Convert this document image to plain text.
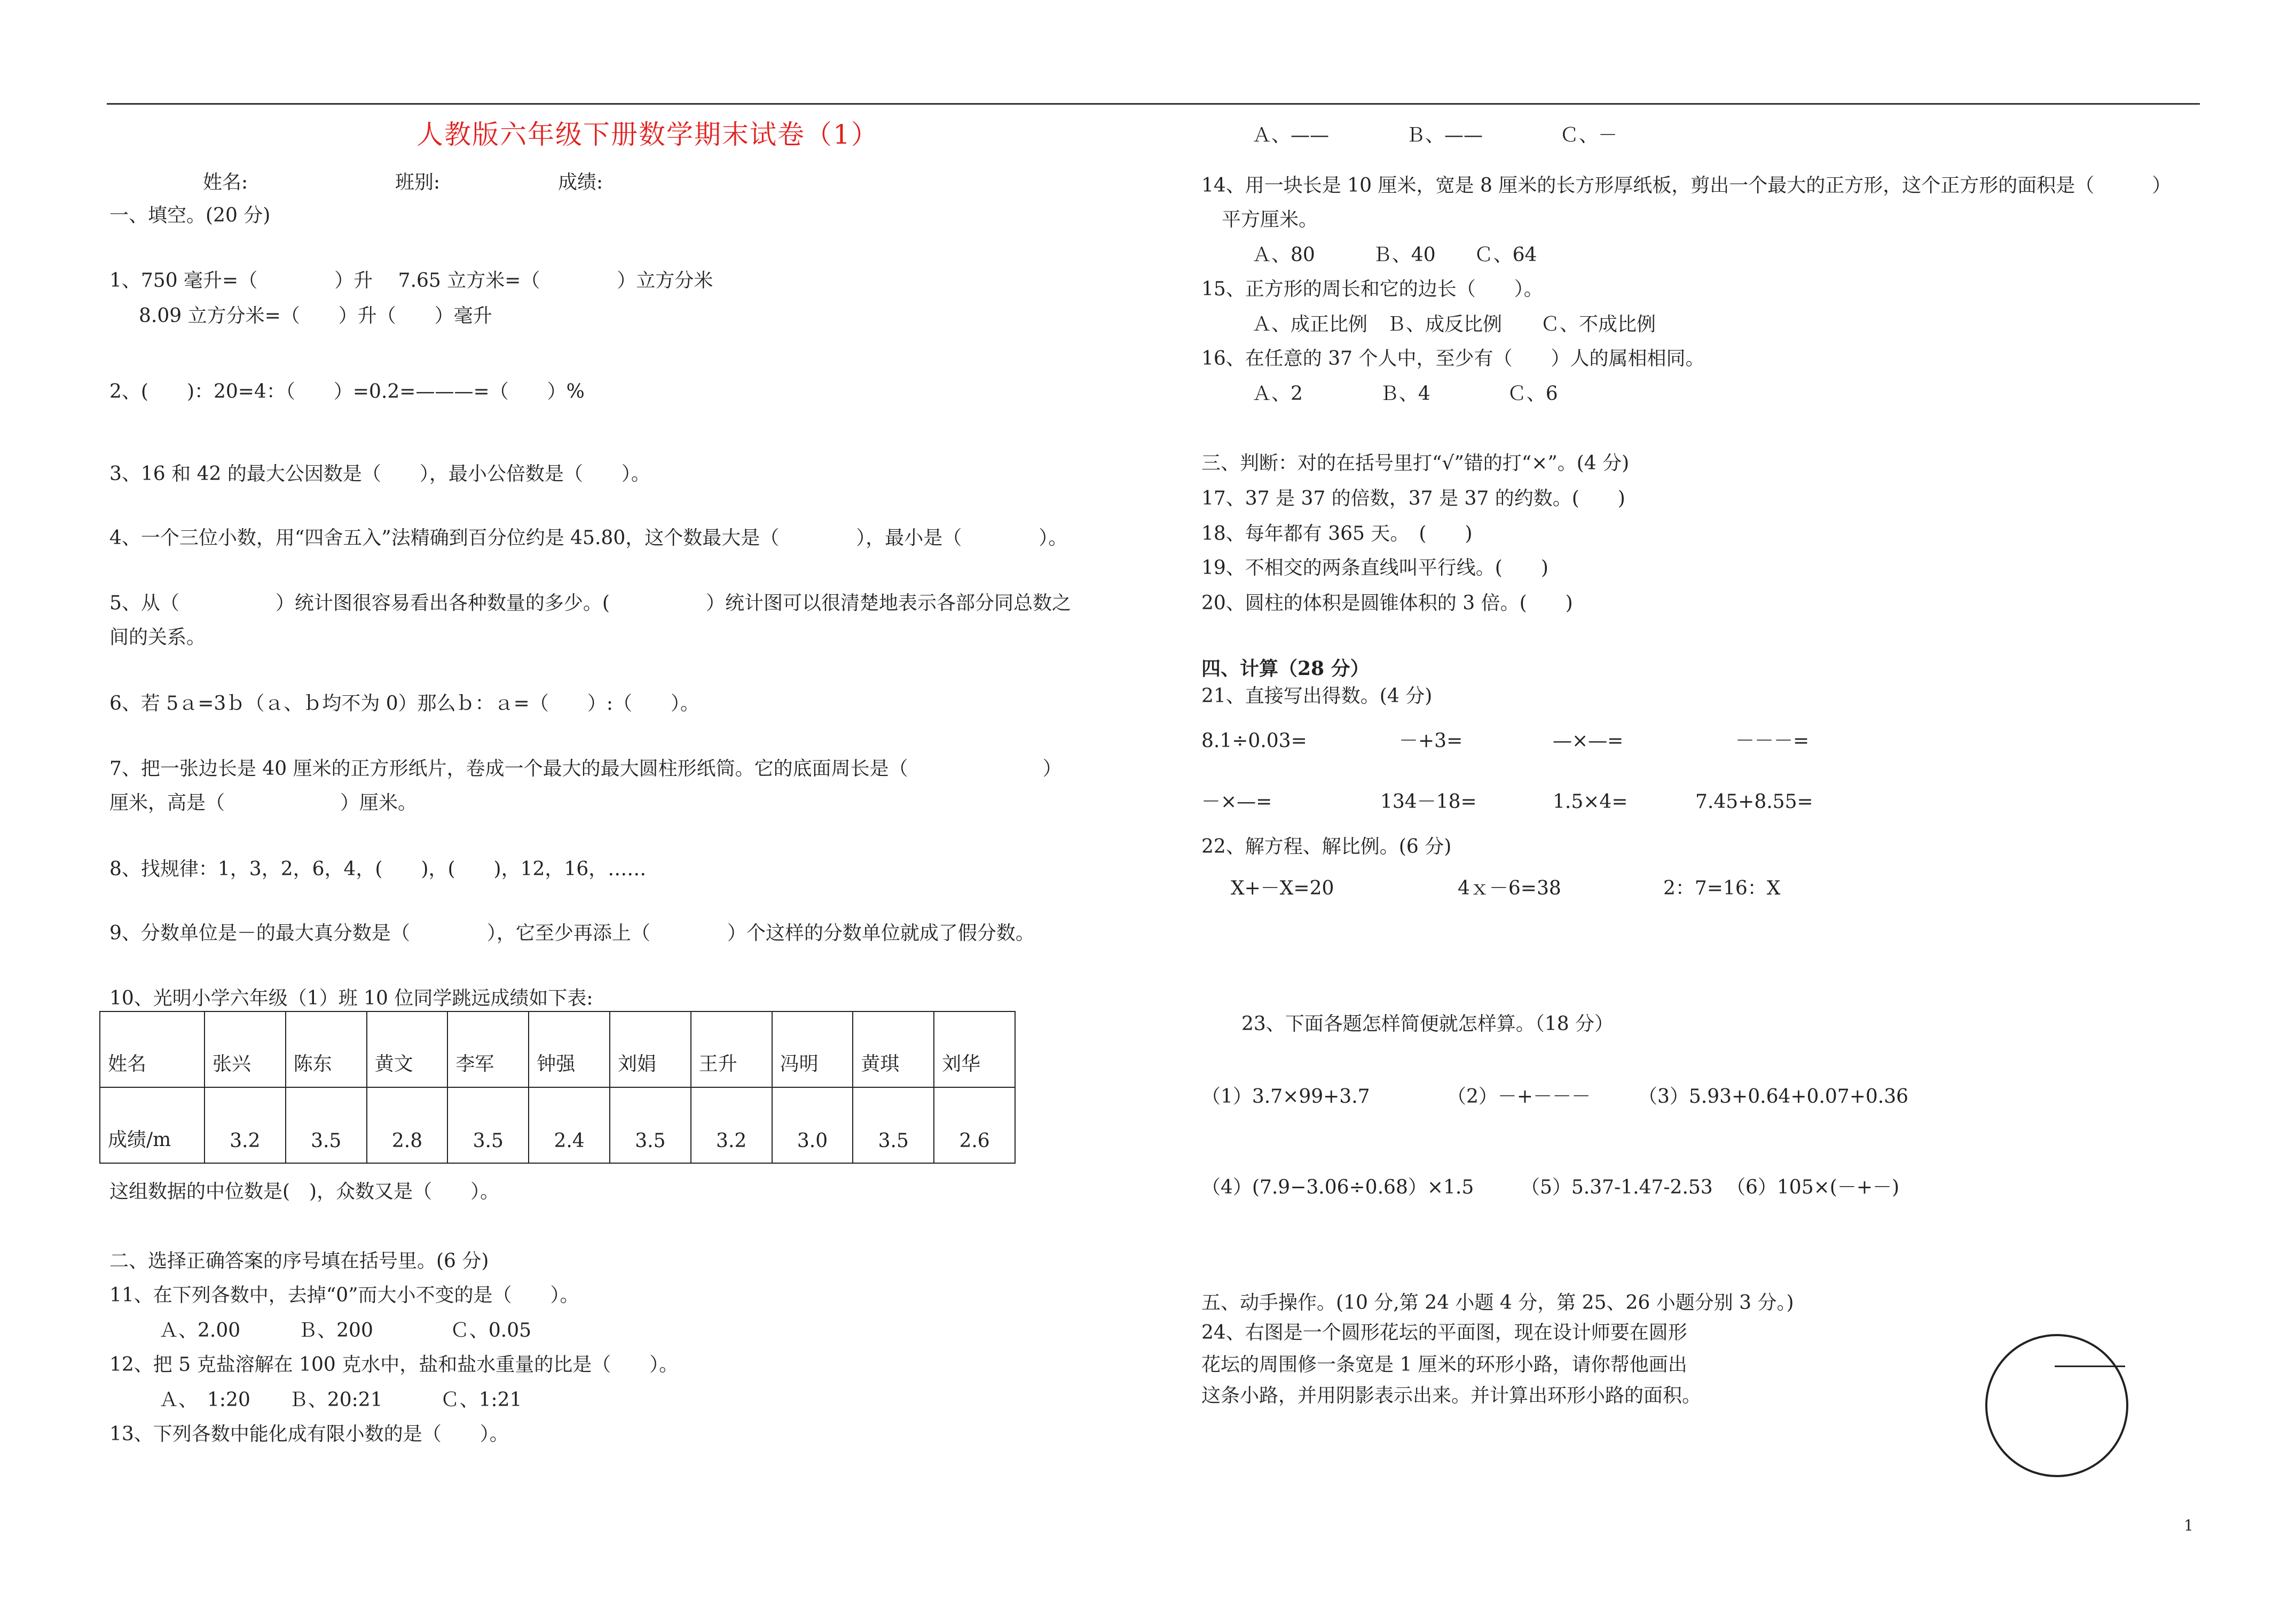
人教版六年级下册数学期末试卷（1）
姓名:	班别:	成绩:
一、填空。(20 分)
1、750 毫升=（　　　　）升　 7.65 立方米=（　　　　）立方分米
8.09 立方分米=（　　）升（　　）毫升
2、(　　)：20=4：（　　）=0.2=———=（　　）%
3、16 和 42 的最大公因数是（　　），最小公倍数是（　　）。
4、一个三位小数，用“四舍五入”法精确到百分位约是 45.80，这个数最大是（　　　　），最小是（　　　　）。
5、从（　　　　　）统计图很容易看出各种数量的多少。(　　　　　）统计图可以很清楚地表示各部分同总数之
间的关系。
6、若 5ａ=3ｂ（ａ、ｂ均不为 0）那么ｂ：ａ=（　　）:（　　）。
7、把一张边长是 40 厘米的正方形纸片，卷成一个最大的最大圆柱形纸筒。它的底面周长是（　　　　　　　）
厘米，高是（　　　　　　）厘米。
8、找规律：1，3，2，6，4，(　　)，(　　)，12，16，……
9、分数单位是－的最大真分数是（　　　　），它至少再添上（　　　　）个这样的分数单位就成了假分数。
10、光明小学六年级（1）班 10 位同学跳远成绩如下表:
姓名	张兴	陈东	黄文	李军	钟强	刘娟	王升	冯明	黄琪	刘华
成绩/m	3.2	3.5	2.8	3.5	2.4	3.5	3.2	3.0	3.5	2.6
这组数据的中位数是(　)，众数又是（　　）。
二、选择正确答案的序号填在括号里。(6 分)
11、在下列各数中，去掉“0”而大小不变的是（　　）。
Ａ、2.00　　　Ｂ、200　　　　Ｃ、0.05
12、把 5 克盐溶解在 100 克水中，盐和盐水重量的比是（　　）。
Ａ、　1:20　　Ｂ、20:21　　　Ｃ、1:21
13、下列各数中能化成有限小数的是（　　）。
Ａ、——　　　　Ｂ、——　　　　Ｃ、－
14、用一块长是 10 厘米，宽是 8 厘米的长方形厚纸板，剪出一个最大的正方形，这个正方形的面积是（　　　）
平方厘米。
Ａ、80　　　Ｂ、40　　Ｃ、64
15、正方形的周长和它的边长（　　）。
Ａ、成正比例　Ｂ、成反比例　　Ｃ、不成比例
16、在任意的 37 个人中，至少有（　　）人的属相相同。
Ａ、2　　　　Ｂ、4　　　　Ｃ、6
三、判断：对的在括号里打“√”错的打“×”。(4 分)
17、37 是 37 的倍数，37 是 37 的约数。(　　)
18、每年都有 365 天。　(　　)
19、不相交的两条直线叫平行线。(　　)
20、圆柱的体积是圆锥体积的 3 倍。(　　)
四、计算（28 分）
21、直接写出得数。(4 分)
8.1÷0.03=	－+3=	—×—=	－－－=
－×—=	134－18=	1.5×4=	7.45+8.55=
22、解方程、解比例。(6 分)
X+－X=20	4ｘ－6=38	2：7=16：X
23、下面各题怎样简便就怎样算。（18 分）
（1）3.7×99+3.7	（2）－+－－－ （3）5.93+0.64+0.07+0.36
（4）(7.9−3.06÷0.68）×1.5 （5）5.37-1.47-2.53 （6）105×(－+－)
五、动手操作。(10 分,第 24 小题 4 分，第 25、26 小题分别 3 分。)
24、右图是一个圆形花坛的平面图，现在设计师要在圆形
花坛的周围修一条宽是 1 厘米的环形小路，请你帮他画出
这条小路，并用阴影表示出来。并计算出环形小路的面积。
1
